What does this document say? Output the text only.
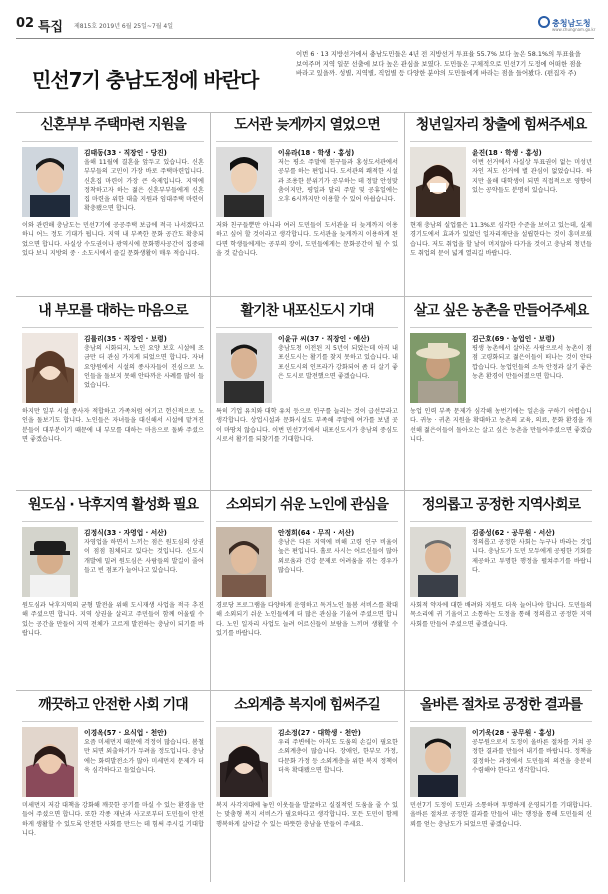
02 특집 제815호 2019년 6월 25일~7월 4일	충청남도청
www.chungnam.go.kr
민선7기 충남도정에 바란다
이번 6 · 13 지방선거에서 충남도민들은 4년 전 지방선거 투표율 55.7% 보다 높은 58.1%의 투표율을 보여주며 지역 일꾼 선출에 보다 높은 관심을 보였다. 도민들은 구체적으로 민선7기 도정에 어떠한 점을 바라고 있을까. 성별, 지역별, 직업별 등 다양한 분야의 도민들에게 바라는 점을 들어봤다. (편집자 주)
신혼부부 주택마련 지원을
김태동(33 · 직장인 · 당진)
올해 11월에 결혼을 앞두고 있습니다. 신혼부부들의 고민이 가장 바로 주택마련입니다. 신혼집 마련이 가장 큰 숙제입니다. 지역에 정착하고자 하는 젊은 신혼부부들에게 신혼집 마련을 위한 대출 지원과 임대주택 마련이 확충됐으면 합니다.
이와 관련해 충남도는 민선7기에 공공주택 보급에 적극 나서겠다고 하니 어느 정도 기대가 됩니다. 지역 내 부족한 문화 공간도 확충되었으면 합니다. 사실상 수도권이나 광역시에 문화행사공간이 집중돼 있다 보니 지방의 중 · 소도시에서 즐길 문화생활이 매우 적습니다.
도서관 늦게까지 열었으면
이유라(18 · 학생 · 홍성)
저는 평소 주말에 친구들과 홍성도서관에서 공부를 하는 편입니다. 도서관의 쾌적한 시설과 조용한 분위기가 공부하는 데 정말 안성맞춤이지만, 평일과 달리 주말 및 공휴일에는 오후 6시까지만 이용할 수 있어 아쉽습니다.
저와 친구들뿐만 아니라 여러 도민들이 도서관을 더 늦게까지 이용하고 싶어 할 것이라고 생각합니다. 도서관을 늦게까지 이용하게 된다면 학생들에게는 공부의 장이, 도민들에게는 문화공간이 될 수 있을 것 같습니다.
청년일자리 창출에 힘써주세요
윤진(18 · 학생 · 홍성)
이번 선거에서 사실상 투표권이 없는 미성년자인 저도 선거에 별 관심이 없었습니다. 하지만 올해 대학생이 되면 직접적으로 영향이 있는 공약들도 분명히 있습니다.
현재 충남의 실업률은 11.3%로 심각한 수준을 보이고 있는데, 실제 경기도에서 효과가 있었던 일자리재단을 설립한다는 것이 흥미로웠습니다. 저도 취업을 할 날이 머지않아 다가올 것이고 충남의 청년들도 취업의 문이 넓게 열리길 바랍니다.
내 부모를 대하는 마음으로
김률리(35 · 직장인 · 보령)
충남의 시화되지, 노인 요양 보호 시설에 조금만 더 관심 가지게 되었으면 합니다. 자녀 요양원에서 시설의 종사자들이 진심으로 노인들을 돌보지 못해 안타까운 사례를 많이 들었습니다.
하지만 일부 시설 종사자 적합하고 가족처럼 여기고 헌신적으로 노인을 돌보기도 합니다. 노인들은 자녀들을 대신해서 시설에 맡겨진 분들이 대부분이기 때문에 내 부모를 대하는 마음으로 돌봐 주셨으면 좋겠습니다.
활기찬 내포신도시 기대
이윤규 씨(37 · 직장인 · 예산)
충남도청 이전된 지 5년이 되었는데 아직 내포신도시는 활기를 찾지 못하고 있습니다. 내포신도시의 인프라가 강화되어 좀 더 살기 좋은 도시로 발전했으면 좋겠습니다.
특히 기업 유치와 대학 유치 등으로 인구를 늘리는 것이 급선무라고 생각합니다. 상업시설과 문화시설도 부족해 주말에 여가를 보낼 곳이 마땅치 않습니다. 이번 민선7기에서 내포신도시가 충남의 중심도시로서 활기를 되찾기를 기대합니다.
살고 싶은 농촌을 만들어주세요
김근호(69 · 농업인 · 보령)
평생 농촌에서 살아온 사람으로서 농촌이 점점 고령화되고 젊은이들이 떠나는 것이 안타깝습니다. 농업인들의 소득 안정과 살기 좋은 농촌 환경이 만들어졌으면 합니다.
농업 인력 부족 문제가 심각해 농번기에는 일손을 구하기 어렵습니다. 귀농 · 귀촌 지원을 확대하고 농촌의 교육, 의료, 문화 환경을 개선해 젊은이들이 돌아오는 살고 싶은 농촌을 만들어주셨으면 좋겠습니다.
원도심 · 낙후지역 활성화 필요
김정식(33 · 자영업 · 서산)
자영업을 하면서 느끼는 점은 원도심의 상권이 점점 침체되고 있다는 것입니다. 신도시 개발에 밀려 원도심은 사람들의 발길이 줄어들고 빈 점포가 늘어나고 있습니다.
원도심과 낙후지역의 균형 발전을 위해 도시재생 사업을 적극 추진해 주셨으면 합니다. 지역 상권을 살리고 주민들이 함께 어울릴 수 있는 공간을 만들어 지역 전체가 고르게 발전하는 충남이 되기를 바랍니다.
소외되기 쉬운 노인에 관심을
안정희(64 · 무직 · 서산)
충남은 다른 지역에 비해 고령 인구 비율이 높은 편입니다. 홀로 사시는 어르신들이 많아 외로움과 건강 문제로 어려움을 겪는 경우가 많습니다.
경로당 프로그램을 다양하게 운영하고 독거노인 돌봄 서비스를 확대해 소외되기 쉬운 노인들에게 더 많은 관심을 기울여 주셨으면 합니다. 노인 일자리 사업도 늘려 어르신들이 보람을 느끼며 생활할 수 있기를 바랍니다.
정의롭고 공정한 지역사회로
김종성(62 · 공무원 · 서산)
정의롭고 공정한 사회는 누구나 바라는 것입니다. 충남도가 도민 모두에게 공평한 기회를 제공하고 투명한 행정을 펼쳐주기를 바랍니다.
사회적 약자에 대한 배려와 지원도 더욱 늘어나야 합니다. 도민들의 목소리에 귀 기울이고 소통하는 도정을 통해 정의롭고 공정한 지역사회를 만들어 주셨으면 좋겠습니다.
깨끗하고 안전한 사회 기대
이경옥(57 · 요식업 · 천안)
요즘 미세먼지 때문에 걱정이 많습니다. 봄철만 되면 외출하기가 두려울 정도입니다. 충남에는 화력발전소가 많아 미세먼지 문제가 더욱 심각하다고 들었습니다.
미세먼지 저감 대책을 강화해 깨끗한 공기를 마실 수 있는 환경을 만들어 주셨으면 합니다. 또한 각종 재난과 사고로부터 도민들이 안전하게 생활할 수 있도록 안전한 사회를 만드는 데 힘써 주시길 기대합니다.
소외계층 복지에 힘써주길
김소정(27 · 대학생 · 천안)
우리 주변에는 아직도 도움의 손길이 필요한 소외계층이 많습니다. 장애인, 한부모 가정, 다문화 가정 등 소외계층을 위한 복지 정책이 더욱 확대됐으면 합니다.
복지 사각지대에 놓인 이웃들을 발굴하고 실질적인 도움을 줄 수 있는 맞춤형 복지 서비스가 필요하다고 생각합니다. 모든 도민이 함께 행복하게 살아갈 수 있는 따뜻한 충남을 만들어 주세요.
올바른 절차로 공정한 결과를
이기욱(28 · 공무원 · 홍성)
공무원으로서 도정이 올바른 절차를 거쳐 공정한 결과를 만들어 내기를 바랍니다. 정책을 결정하는 과정에서 도민들의 의견을 충분히 수렴해야 한다고 생각합니다.
민선7기 도정이 도민과 소통하며 투명하게 운영되기를 기대합니다. 올바른 절차로 공정한 결과를 만들어 내는 행정을 통해 도민들의 신뢰를 얻는 충남도가 되었으면 좋겠습니다.
